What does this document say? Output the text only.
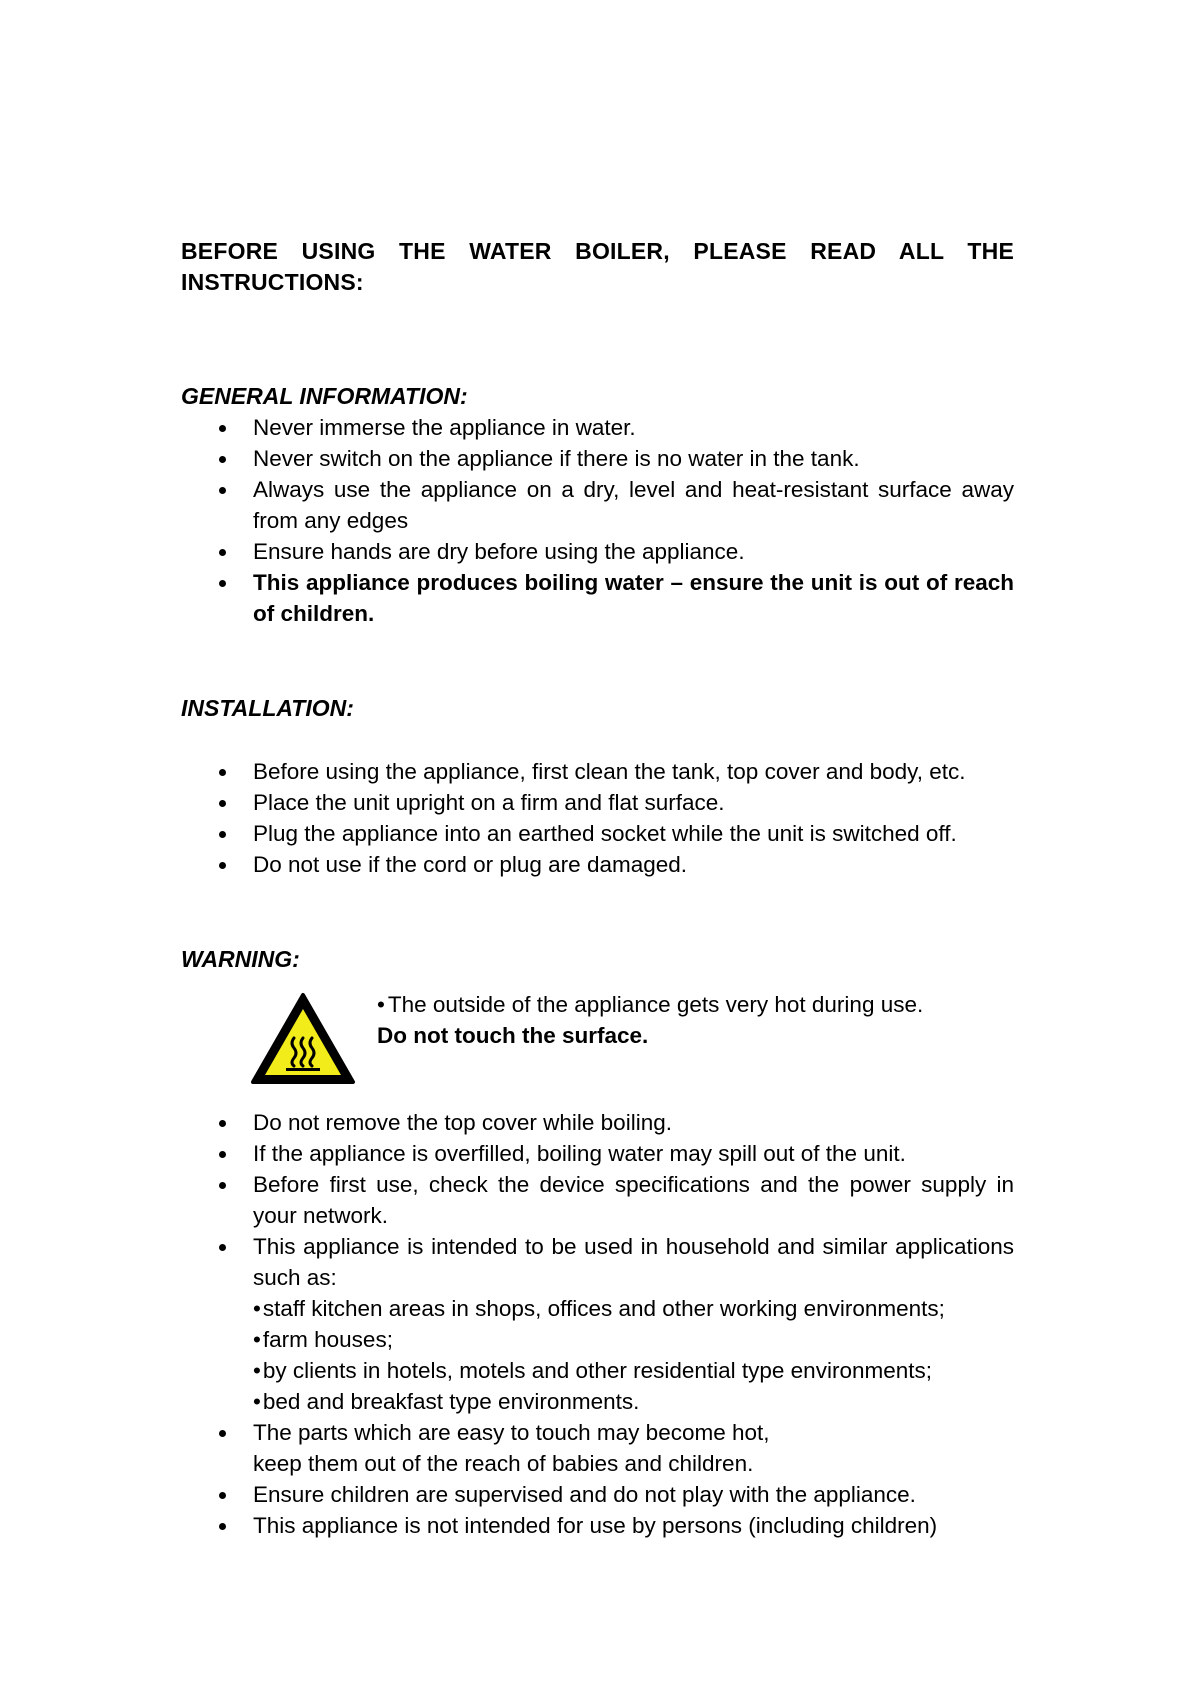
BEFORE USING THE WATER BOILER, PLEASE READ ALL THE INSTRUCTIONS:

GENERAL INFORMATION:

Never immerse the appliance in water.
Never switch on the appliance if there is no water in the tank.
Always use the appliance on a dry, level and heat-resistant surface away from any edges
Ensure hands are dry before using the appliance.
This appliance produces boiling water – ensure the unit is out of reach of children.

INSTALLATION:

Before using the appliance, first clean the tank, top cover and body, etc.
Place the unit upright on a firm and flat surface.
Plug the appliance into an earthed socket while the unit is switched off.
Do not use if the cord or plug are damaged.

WARNING:

• The outside of the appliance gets very hot during use.
Do not touch the surface.
Do not remove the top cover while boiling.
If the appliance is overfilled, boiling water may spill out of the unit.
Before first use, check the device specifications and the power supply in your network.
This appliance is intended to be used in household and similar applications such as:
• staff kitchen areas in shops, offices and other working environments;
• farm houses;
• by clients in hotels, motels and other residential type environments;
• bed and breakfast type environments.
The parts which are easy to touch may become hot,
keep them out of the reach of babies and children.
Ensure children are supervised and do not play with the appliance.
This appliance is not intended for use by persons (including children)
